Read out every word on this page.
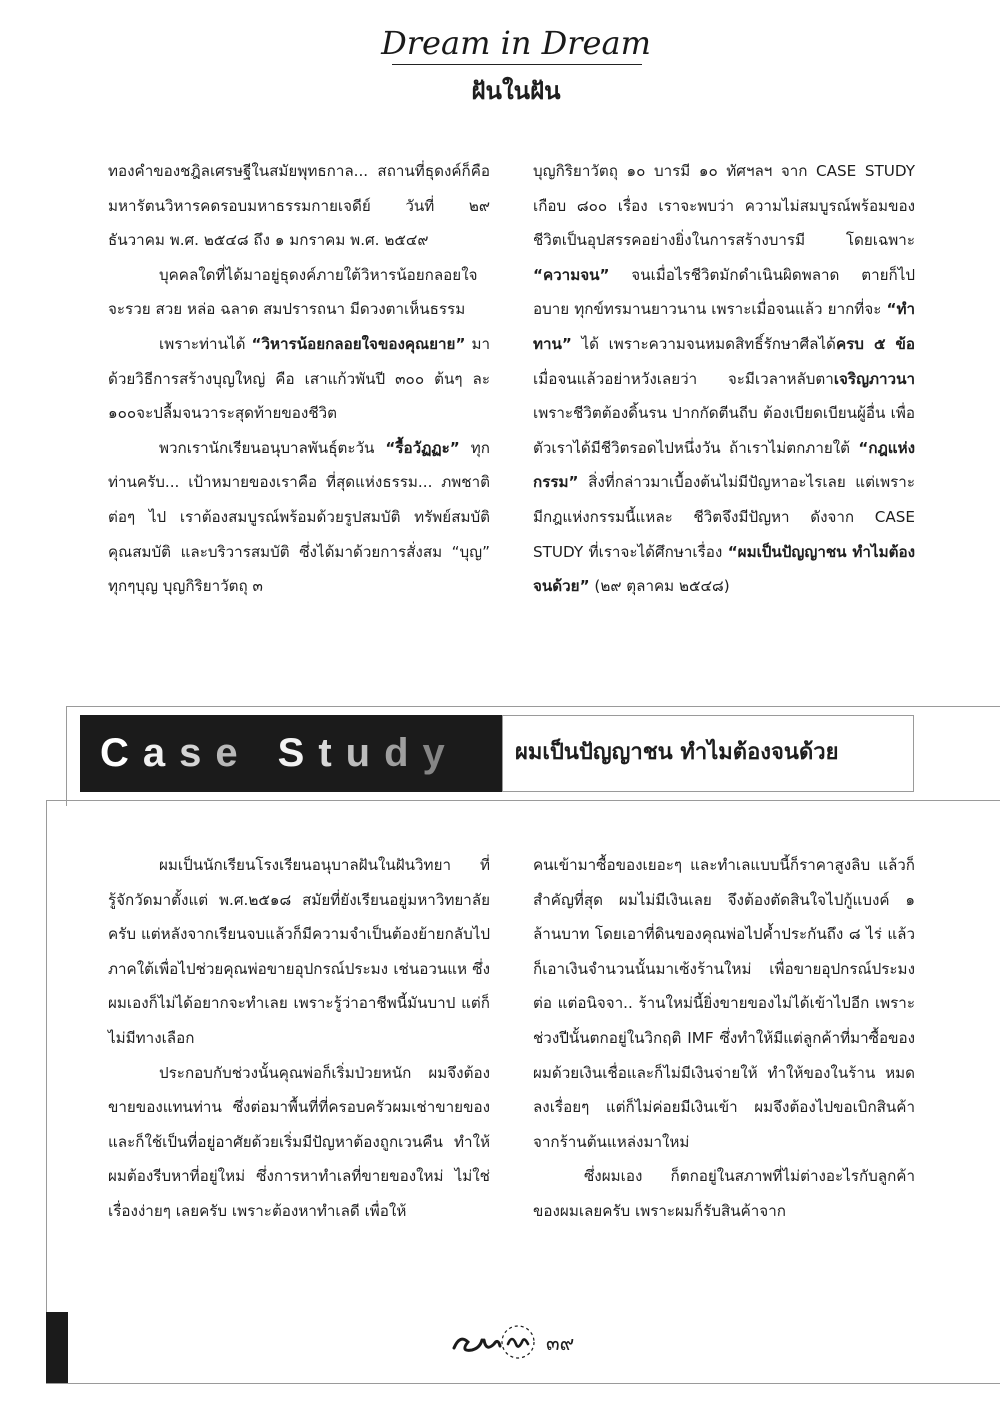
Dream in Dream
ฝันในฝัน

ทองคำของชฎิลเศรษฐีในสมัยพุทธกาล... สถานที่ธุดงค์ก็คือ มหารัตนวิหารคดรอบมหาธรรมกายเจดีย์ วันที่ ๒๙ ธันวาคม พ.ศ. ๒๕๔๘ ถึง ๑ มกราคม พ.ศ. ๒๕๔๙

บุคคลใดที่ได้มาอยู่ธุดงค์ภายใต้วิหารน้อยกลอยใจ จะรวย สวย หล่อ ฉลาด สมปรารถนา มีดวงตาเห็นธรรม

เพราะท่านได้ “วิหารน้อยกลอยใจของคุณยาย” มาด้วยวิธีการสร้างบุญใหญ่ คือ เสาแก้วพันปี ๓๐๐ ต้นๆ ละ ๑๐๐จะปลื้มจนวาระสุดท้ายของชีวิต

พวกเรานักเรียนอนุบาลพันธุ์ตะวัน “รื้อวัฏฏะ” ทุกท่านครับ... เป้าหมายของเราคือ ที่สุดแห่งธรรม... ภพชาติต่อๆ ไป เราต้องสมบูรณ์พร้อมด้วยรูปสมบัติ ทรัพย์สมบัติ คุณสมบัติ และบริวารสมบัติ ซึ่งได้มาด้วยการสั่งสม “บุญ” ทุกๆบุญ บุญกิริยาวัตถุ ๓

บุญกิริยาวัตถุ ๑๐ บารมี ๑๐ ทัศฯลฯ จาก CASE STUDY เกือบ ๘๐๐ เรื่อง เราจะพบว่า ความไม่สมบูรณ์พร้อมของชีวิตเป็นอุปสรรคอย่างยิ่งในการสร้างบารมี โดยเฉพาะ “ความจน” จนเมื่อไรชีวิตมักดำเนินผิดพลาด ตายก็ไปอบาย ทุกข์ทรมานยาวนาน เพราะเมื่อจนแล้ว ยากที่จะ “ทำทาน” ได้ เพราะความจนหมดสิทธิ์รักษาศีลได้ครบ ๕ ข้อ เมื่อจนแล้วอย่าหวังเลยว่า จะมีเวลาหลับตาเจริญภาวนา เพราะชีวิตต้องดิ้นรน ปากกัดตีนถีบ ต้องเบียดเบียนผู้อื่น เพื่อตัวเราได้มีชีวิตรอดไปหนึ่งวัน ถ้าเราไม่ตกภายใต้ “กฎแห่งกรรม” สิ่งที่กล่าวมาเบื้องต้นไม่มีปัญหาอะไรเลย แต่เพราะมีกฎแห่งกรรมนี้แหละ ชีวิตจึงมีปัญหา ดังจาก CASE STUDY ที่เราจะได้ศึกษาเรื่อง “ผมเป็นปัญญาชน ทำไมต้องจนด้วย” (๒๙ ตุลาคม ๒๕๔๘)

C a s e S t u d y	ผมเป็นปัญญาชน ทำไมต้องจนด้วย

ผมเป็นนักเรียนโรงเรียนอนุบาลฝันในฝันวิทยา ที่รู้จักวัดมาตั้งแต่ พ.ศ.๒๕๑๘ สมัยที่ยังเรียนอยู่มหาวิทยาลัยครับ แต่หลังจากเรียนจบแล้วก็มีความจำเป็นต้องย้ายกลับไปภาคใต้เพื่อไปช่วยคุณพ่อขายอุปกรณ์ประมง เช่นอวนแห ซึ่งผมเองก็ไม่ได้อยากจะทำเลย เพราะรู้ว่าอาชีพนี้มันบาป แต่ก็ไม่มีทางเลือก

ประกอบกับช่วงนั้นคุณพ่อก็เริ่มป่วยหนัก ผมจึงต้องขายของแทนท่าน ซึ่งต่อมาพื้นที่ที่ครอบครัวผมเช่าขายของและก็ใช้เป็นที่อยู่อาศัยด้วยเริ่มมีปัญหาต้องถูกเวนคืน ทำให้ผมต้องรีบหาที่อยู่ใหม่ ซึ่งการหาทำเลที่ขายของใหม่ ไม่ใช่เรื่องง่ายๆ เลยครับ เพราะต้องหาทำเลดี เพื่อให้

คนเข้ามาซื้อของเยอะๆ และทำเลแบบนี้ก็ราคาสูงลิบ แล้วก็สำคัญที่สุด ผมไม่มีเงินเลย จึงต้องตัดสินใจไปกู้แบงค์ ๑ ล้านบาท โดยเอาที่ดินของคุณพ่อไปค้ำประกันถึง ๘ ไร่ แล้วก็เอาเงินจำนวนนั้นมาเซ้งร้านใหม่ เพื่อขายอุปกรณ์ประมงต่อ แต่อนิจจา.. ร้านใหม่นี้ยิ่งขายของไม่ได้เข้าไปอีก เพราะช่วงปีนั้นตกอยู่ในวิกฤติ IMF ซึ่งทำให้มีแต่ลูกค้าที่มาซื้อของผมด้วยเงินเชื่อและก็ไม่มีเงินจ่ายให้ ทำให้ของในร้าน หมดลงเรื่อยๆ แต่ก็ไม่ค่อยมีเงินเข้า ผมจึงต้องไปขอเบิกสินค้าจากร้านต้นแหล่งมาใหม่

ซึ่งผมเอง ก็ตกอยู่ในสภาพที่ไม่ต่างอะไรกับลูกค้าของผมเลยครับ เพราะผมก็รับสินค้าจาก

๓๙
